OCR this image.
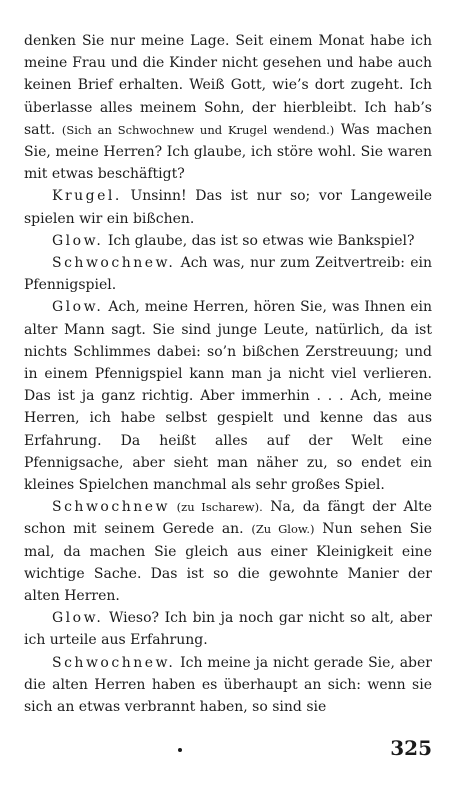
denken Sie nur meine Lage. Seit einem Monat habe ich meine Frau und die Kinder nicht gesehen und habe auch keinen Brief erhalten. Weiß Gott, wie’s dort zugeht. Ich überlasse alles meinem Sohn, der hierbleibt. Ich hab’s satt. (Sich an Schwochnew und Krugel wendend.) Was machen Sie, meine Herren? Ich glaube, ich störe wohl. Sie waren mit etwas beschäftigt?

Krugel. Unsinn! Das ist nur so; vor Langeweile spielen wir ein bißchen.

Glow. Ich glaube, das ist so etwas wie Bankspiel?

Schwochnew. Ach was, nur zum Zeitvertreib: ein Pfennigspiel.

Glow. Ach, meine Herren, hören Sie, was Ihnen ein alter Mann sagt. Sie sind junge Leute, natürlich, da ist nichts Schlimmes dabei: so’n bißchen Zerstreuung; und in einem Pfennigspiel kann man ja nicht viel verlieren. Das ist ja ganz richtig. Aber immerhin . . . Ach, meine Herren, ich habe selbst gespielt und kenne das aus Erfahrung. Da heißt alles auf der Welt eine Pfennigsache, aber sieht man näher zu, so endet ein kleines Spielchen manchmal als sehr großes Spiel.

Schwochnew (zu Ischarew). Na, da fängt der Alte schon mit seinem Gerede an. (Zu Glow.) Nun sehen Sie mal, da machen Sie gleich aus einer Kleinigkeit eine wichtige Sache. Das ist so die gewohnte Manier der alten Herren.

Glow. Wieso? Ich bin ja noch gar nicht so alt, aber ich urteile aus Erfahrung.

Schwochnew. Ich meine ja nicht gerade Sie, aber die alten Herren haben es überhaupt an sich: wenn sie sich an etwas verbrannt haben, so sind sie

325
